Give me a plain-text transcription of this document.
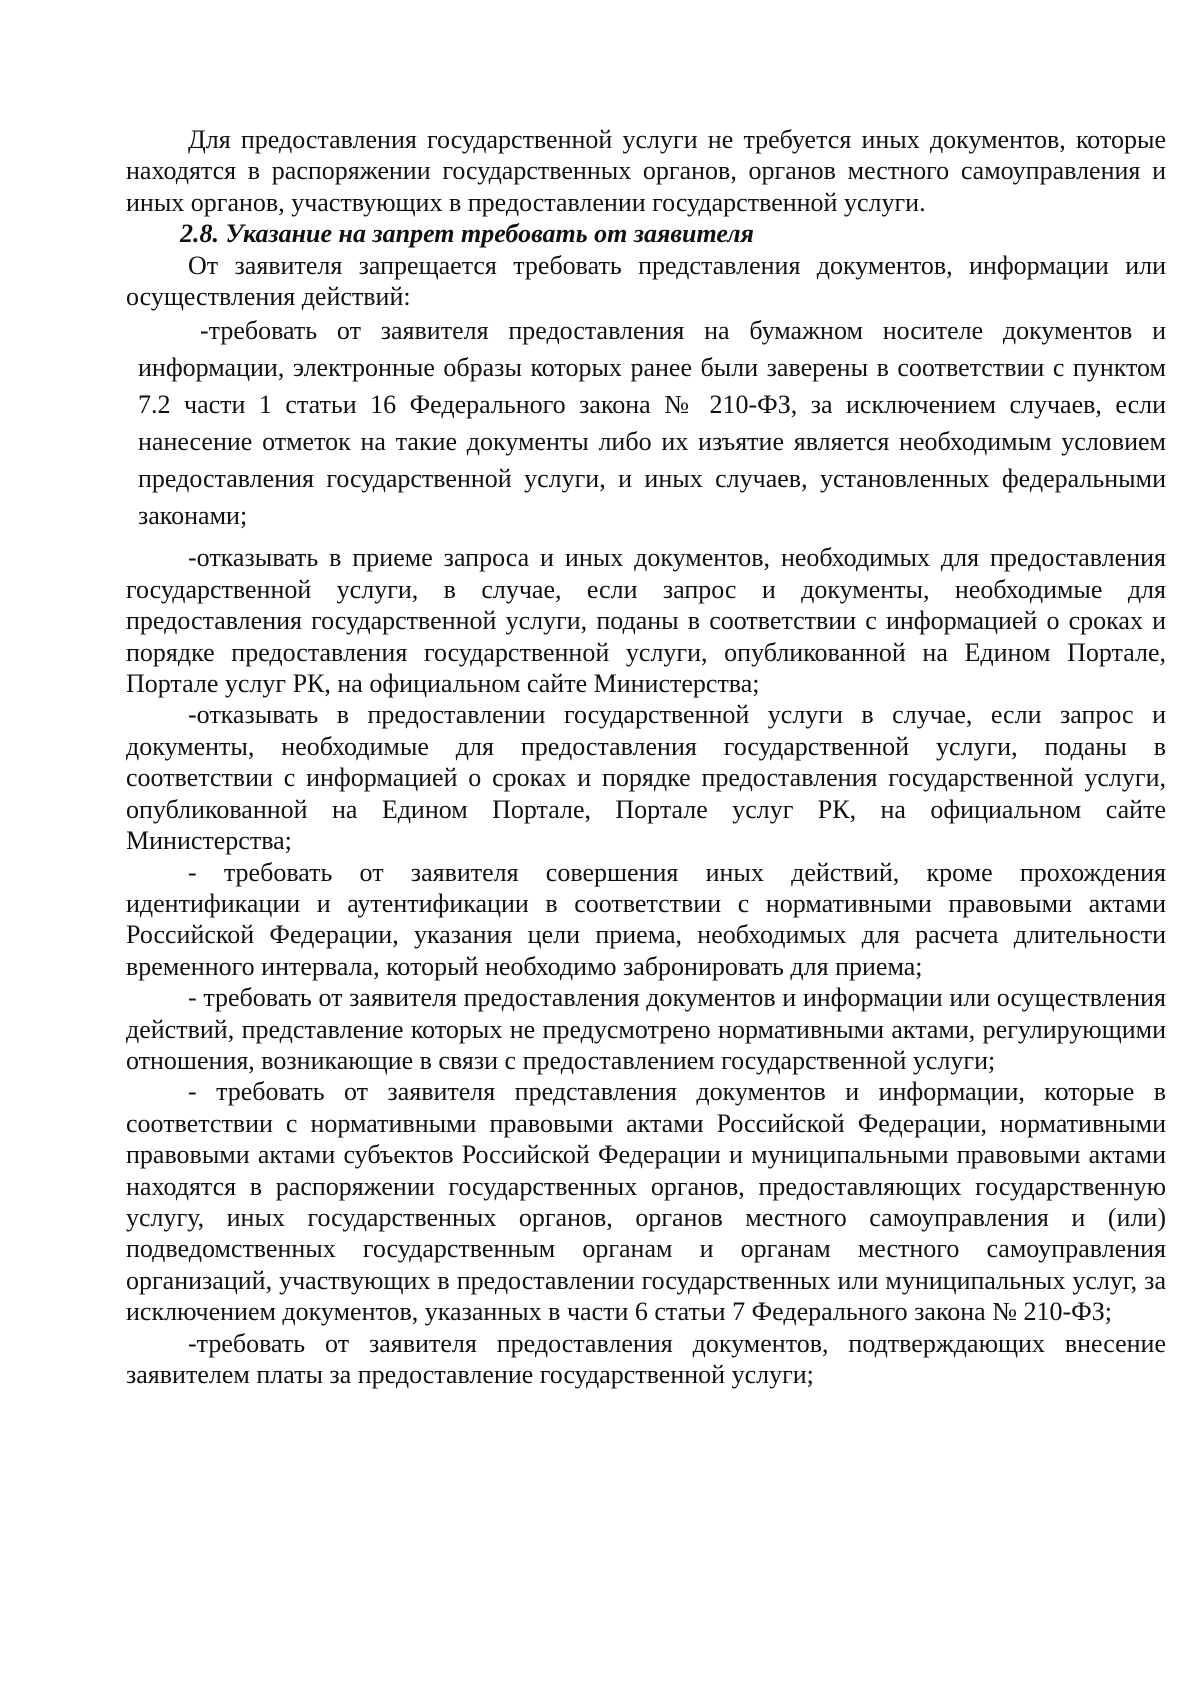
Для предоставления государственной услуги не требуется иных документов, которые находятся в распоряжении государственных органов, органов местного самоуправления и иных органов, участвующих в предоставлении государственной услуги.

2.8. Указание на запрет требовать от заявителя

От заявителя запрещается требовать представления документов, информации или осуществления действий:

-требовать от заявителя предоставления на бумажном носителе документов и информации, электронные образы которых ранее были заверены в соответствии с пунктом 7.2 части 1 статьи 16 Федерального закона № 210-ФЗ, за исключением случаев, если нанесение отметок на такие документы либо их изъятие является необходимым условием предоставления государственной услуги, и иных случаев, установленных федеральными законами;

-отказывать в приеме запроса и иных документов, необходимых для предоставления государственной услуги, в случае, если запрос и документы, необходимые для предоставления государственной услуги, поданы в соответствии с информацией о сроках и порядке предоставления государственной услуги, опубликованной на Едином Портале, Портале услуг РК, на официальном сайте Министерства;

-отказывать в предоставлении государственной услуги в случае, если запрос и документы, необходимые для предоставления государственной услуги, поданы в соответствии с информацией о сроках и порядке предоставления государственной услуги, опубликованной на Едином Портале, Портале услуг РК, на официальном сайте Министерства;

- требовать от заявителя совершения иных действий, кроме прохождения идентификации и аутентификации в соответствии с нормативными правовыми актами Российской Федерации, указания цели приема, необходимых для расчета длительности временного интервала, который необходимо забронировать для приема;

- требовать от заявителя предоставления документов и информации или осуществления действий, представление которых не предусмотрено нормативными актами, регулирующими отношения, возникающие в связи с предоставлением государственной услуги;

- требовать от заявителя представления документов и информации, которые в соответствии с нормативными правовыми актами Российской Федерации, нормативными правовыми актами субъектов Российской Федерации и муниципальными правовыми актами находятся в распоряжении государственных органов, предоставляющих государственную услугу, иных государственных органов, органов местного самоуправления и (или) подведомственных государственным органам и органам местного самоуправления организаций, участвующих в предоставлении государственных или муниципальных услуг, за исключением документов, указанных в части 6 статьи 7 Федерального закона № 210-ФЗ;

-требовать от заявителя предоставления документов, подтверждающих внесение заявителем платы за предоставление государственной услуги;
